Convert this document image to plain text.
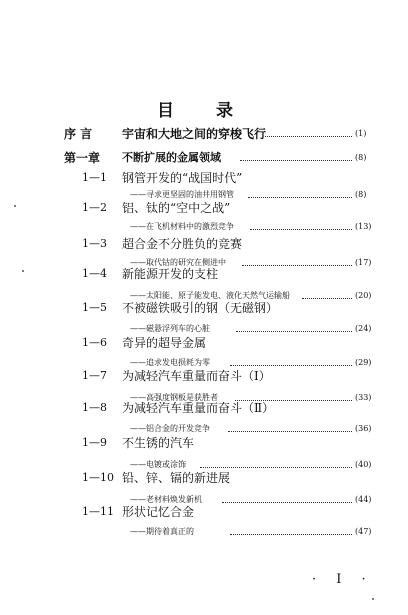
目 录
序 言 宇宙和大地之间的穿梭飞行	(1)
第一章 不断扩展的金属领域	(8)
1—1 钢管开发的“战国时代”
——寻求更坚固的油井用钢管	(8)
1—2 铝、钛的“空中之战”
——在飞机材料中的激烈竞争	(13)
1—3 超合金不分胜负的竞赛
——取代钴的研究在侧进中	(17)
1—4 新能源开发的支柱
——太阳能、原子能发电、液化天然气运输船	(20)
1—5 不被磁铁吸引的钢（无磁钢）
——磁悬浮列车的心脏	(24)
1—6 奇异的超导金属
——追求发电损耗为零	(29)
1—7 为减轻汽车重量而奋斗（Ⅰ）
——高强度钢板是获胜者	(33)
1—8 为减轻汽车重量而奋斗（Ⅱ）
——铝合金的开发竞争	(36)
1—9 不生锈的汽车
——电镀或涂饰	(40)
1—10 铅、锌、镉的新进展
——老材料焕发新机	(44)
1—11 形状记忆合金
——期待着真正的	(47)
· I ·
